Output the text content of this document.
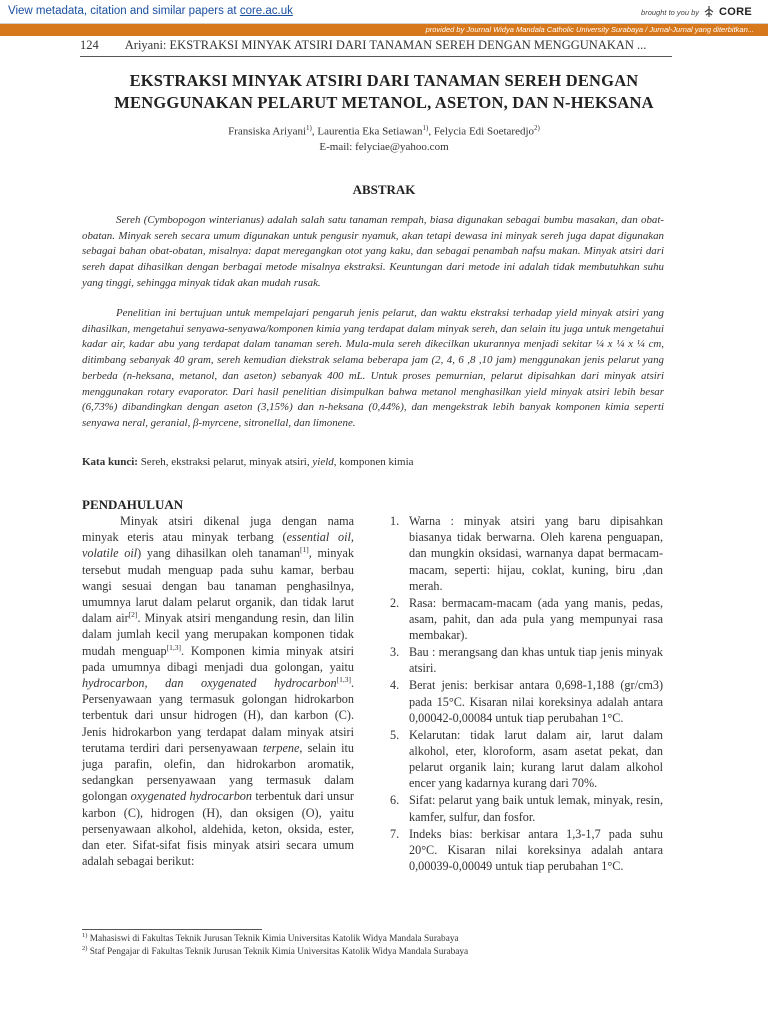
View metadata, citation and similar papers at core.ac.uk	brought to you by CORE
provided by Journal Widya Mandala Catholic University Surabaya / Jurnal-Jurnal yang diterbitkan...
124 Ariyani: EKSTRAKSI MINYAK ATSIRI DARI TANAMAN SEREH DENGAN MENGGUNAKAN ...
EKSTRAKSI MINYAK ATSIRI DARI TANAMAN SEREH DENGAN
MENGGUNAKAN PELARUT METANOL, ASETON, DAN N-HEKSANA
Fransiska Ariyani$^{1)}$, Laurentia Eka Setiawan$^{1)}$, Felycia Edi Soetaredjo$^{2)}$
E-mail: felyciae@yahoo.com
ABSTRAK

Sereh (Cymbopogon winterianus) adalah salah satu tanaman rempah, biasa digunakan sebagai bumbu masakan, dan obat-obatan. Minyak sereh secara umum digunakan untuk pengusir nyamuk, akan tetapi dewasa ini minyak sereh juga dapat digunakan sebagai bahan obat-obatan, misalnya: dapat meregangkan otot yang kaku, dan sebagai penambah nafsu makan. Minyak atsiri dari sereh dapat dihasilkan dengan berbagai metode misalnya ekstraksi. Keuntungan dari metode ini adalah tidak membutuhkan suhu yang tinggi, sehingga minyak tidak akan mudah rusak.

Penelitian ini bertujuan untuk mempelajari pengaruh jenis pelarut, dan waktu ekstraksi terhadap yield minyak atsiri yang dihasilkan, mengetahui senyawa-senyawa/komponen kimia yang terdapat dalam minyak sereh, dan selain itu juga untuk mengetahui kadar air, kadar abu yang terdapat dalam tanaman sereh. Mula-mula sereh dikecilkan ukurannya menjadi sekitar ¼ x ¼ x ¼ cm, ditimbang sebanyak 40 gram, sereh kemudian diekstrak selama beberapa jam (2, 4, 6 ,8 ,10 jam) menggunakan jenis pelarut yang berbeda (n-heksana, metanol, dan aseton) sebanyak 400 mL. Untuk proses pemurnian, pelarut dipisahkan dari minyak atsiri menggunakan rotary evaporator. Dari hasil penelitian disimpulkan bahwa metanol menghasilkan yield minyak atsiri lebih besar (6,73%) dibandingkan dengan aseton (3,15%) dan n-heksana (0,44%), dan mengekstrak lebih banyak komponen kimia seperti senyawa neral, geranial, β-myrcene, sitronellal, dan limonene.

Kata kunci: Sereh, ekstraksi pelarut, minyak atsiri, yield, komponen kimia
PENDAHULUAN

Minyak atsiri dikenal juga dengan nama minyak eteris atau minyak terbang (essential oil, volatile oil) yang dihasilkan oleh tanaman[1], minyak tersebut mudah menguap pada suhu kamar, berbau wangi sesuai dengan bau tanaman penghasilnya, umumnya larut dalam pelarut organik, dan tidak larut dalam air[2]. Minyak atsiri mengandung resin, dan lilin dalam jumlah kecil yang merupakan komponen tidak mudah menguap[1,3]. Komponen kimia minyak atsiri pada umumnya dibagi menjadi dua golongan, yaitu hydrocarbon, dan oxygenated hydrocarbon[1,3]. Persenyawaan yang termasuk golongan hidrokarbon terbentuk dari unsur hidrogen (H), dan karbon (C). Jenis hidrokarbon yang terdapat dalam minyak atsiri terutama terdiri dari persenyawaan terpene, selain itu juga parafin, olefin, dan hidrokarbon aromatik, sedangkan persenyawaan yang termasuk dalam golongan oxygenated hydrocarbon terbentuk dari unsur karbon (C), hidrogen (H), dan oksigen (O), yaitu persenyawaan alkohol, aldehida, keton, oksida, ester, dan eter. Sifat-sifat fisis minyak atsiri secara umum adalah sebagai berikut:

1. Warna : minyak atsiri yang baru dipisahkan biasanya tidak berwarna. Oleh karena penguapan, dan mungkin oksidasi, warnanya dapat bermacam-macam, seperti: hijau, coklat, kuning, biru ,dan merah.
2. Rasa: bermacam-macam (ada yang manis, pedas, asam, pahit, dan ada pula yang mempunyai rasa membakar).
3. Bau : merangsang dan khas untuk tiap jenis minyak atsiri.
4. Berat jenis: berkisar antara 0,698-1,188 (gr/cm3) pada 15°C. Kisaran nilai koreksinya adalah antara 0,00042-0,00084 untuk tiap perubahan 1°C.
5. Kelarutan: tidak larut dalam air, larut dalam alkohol, eter, kloroform, asam asetat pekat, dan pelarut organik lain; kurang larut dalam alkohol encer yang kadarnya kurang dari 70%.
6. Sifat: pelarut yang baik untuk lemak, minyak, resin, kamfer, sulfur, dan fosfor.
7. Indeks bias: berkisar antara 1,3-1,7 pada suhu 20°C. Kisaran nilai koreksinya adalah antara 0,00039-0,00049 untuk tiap perubahan 1°C.
$^{1)}$ Mahasiswi di Fakultas Teknik Jurusan Teknik Kimia Universitas Katolik Widya Mandala Surabaya
$^{2)}$ Staf Pengajar di Fakultas Teknik Jurusan Teknik Kimia Universitas Katolik Widya Mandala Surabaya
